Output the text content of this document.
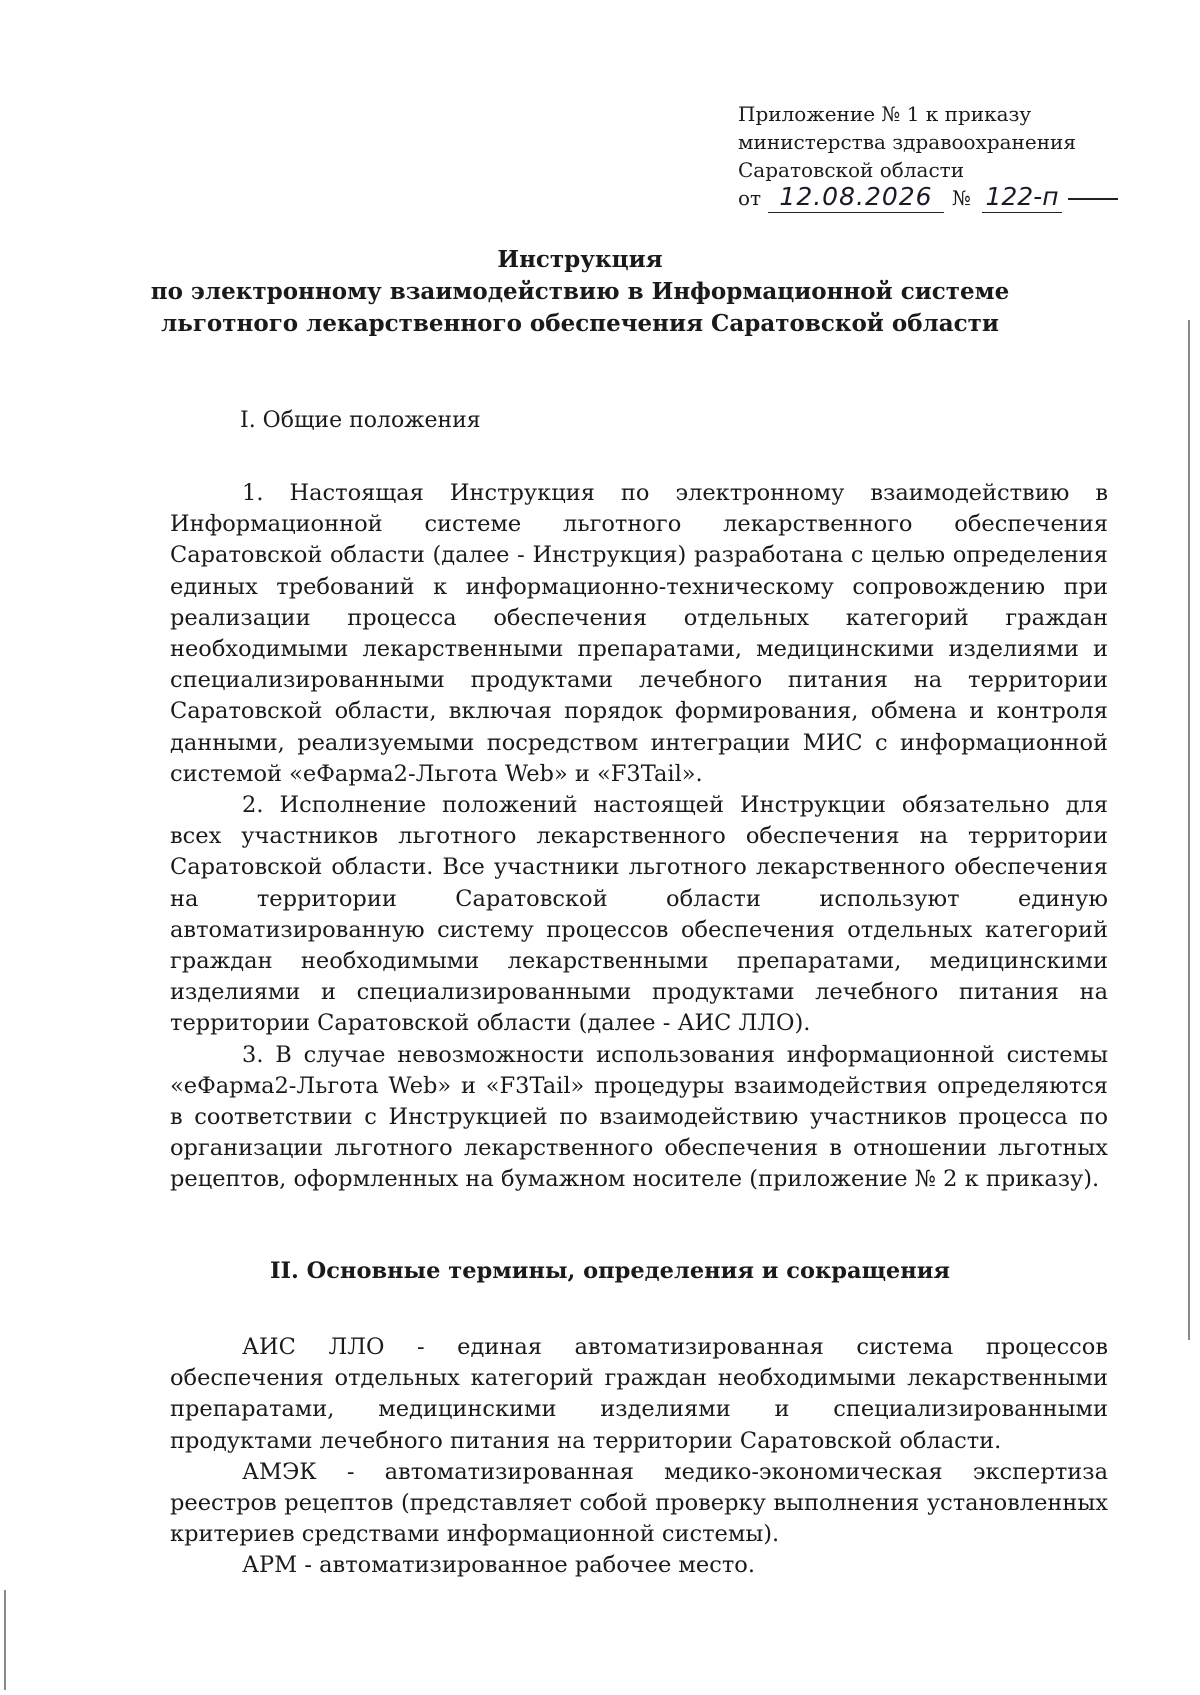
Приложение № 1 к приказу
министерства здравоохранения
Саратовской области
от 12.08.2026 № 122-п
Инструкция
по электронному взаимодействию в Информационной системе
льготного лекарственного обеспечения Саратовской области
I. Общие положения

1. Настоящая Инструкция по электронному взаимодействию в Информационной системе льготного лекарственного обеспечения Саратовской области (далее - Инструкция) разработана с целью определения единых требований к информационно-техническому сопровождению при реализации процесса обеспечения отдельных категорий граждан необходимыми лекарственными препаратами, медицинскими изделиями и специализированными продуктами лечебного питания на территории Саратовской области, включая порядок формирования, обмена и контроля данными, реализуемыми посредством интеграции МИС с информационной системой «еФарма2-Льгота Web» и «F3Tail».

2. Исполнение положений настоящей Инструкции обязательно для всех участников льготного лекарственного обеспечения на территории Саратовской области. Все участники льготного лекарственного обеспечения на территории Саратовской области используют единую автоматизированную систему процессов обеспечения отдельных категорий граждан необходимыми лекарственными препаратами, медицинскими изделиями и специализированными продуктами лечебного питания на территории Саратовской области (далее - АИС ЛЛО).

3. В случае невозможности использования информационной системы «еФарма2-Льгота Web» и «F3Tail» процедуры взаимодействия определяются в соответствии с Инструкцией по взаимодействию участников процесса по организации льготного лекарственного обеспечения в отношении льготных рецептов, оформленных на бумажном носителе (приложение № 2 к приказу).

II. Основные термины, определения и сокращения

АИС ЛЛО - единая автоматизированная система процессов обеспечения отдельных категорий граждан необходимыми лекарственными препаратами, медицинскими изделиями и специализированными продуктами лечебного питания на территории Саратовской области.

АМЭК - автоматизированная медико-экономическая экспертиза реестров рецептов (представляет собой проверку выполнения установленных критериев средствами информационной системы).

АРМ - автоматизированное рабочее место.
